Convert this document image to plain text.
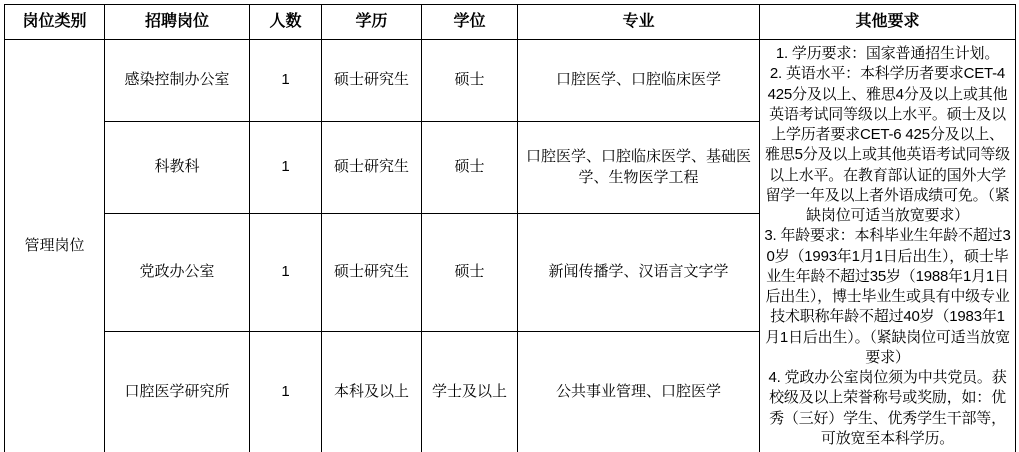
岗位类别	招聘岗位	人数	学历	学位	专业	其他要求
管理岗位	感染控制办公室	1	硕士研究生	硕士	口腔医学、口腔临床医学	1. 学历要求：国家普通招生计划。

2. 英语水平：本科学历者要求CET-4 425分及以上、雅思4分及以上或其他英语考试同等级以上水平。硕士及以上学历者要求CET-6 425分及以上、雅思5分及以上或其他英语考试同等级以上水平。在教育部认证的国外大学留学一年及以上者外语成绩可免。（紧缺岗位可适当放宽要求）

3. 年龄要求：本科毕业生年龄不超过30岁（1993年1月1日后出生），硕士毕业生年龄不超过35岁（1988年1月1日后出生），博士毕业生或具有中级专业技术职称年龄不超过40岁（1983年1月1日后出生）。（紧缺岗位可适当放宽要求）

4. 党政办公室岗位须为中共党员。获校级及以上荣誉称号或奖励，如：优秀（三好）学生、优秀学生干部等，可放宽至本科学历。

	科教科	1	硕士研究生	硕士	口腔医学、口腔临床医学、基础医学、生物医学工程	
	党政办公室	1	硕士研究生	硕士	新闻传播学、汉语言文字学	
	口腔医学研究所	1	本科及以上	学士及以上	公共事业管理、口腔医学	
